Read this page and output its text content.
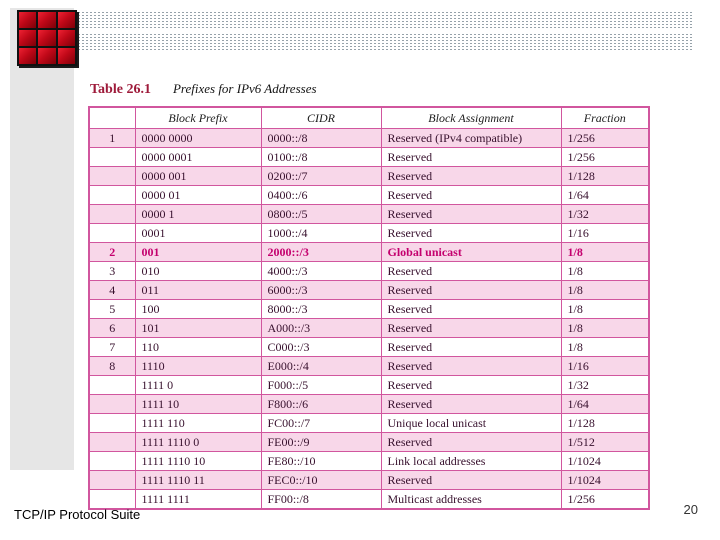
Table 26.1 Prefixes for IPv6 Addresses
	Block Prefix	CIDR	Block Assignment	Fraction
1	0000 0000	0000::/8	Reserved (IPv4 compatible)	1/256
	0000 0001	0100::/8	Reserved	1/256
	0000 001	0200::/7	Reserved	1/128
	0000 01	0400::/6	Reserved	1/64
	0000 1	0800::/5	Reserved	1/32
	0001	1000::/4	Reserved	1/16
2	001	2000::/3	Global unicast	1/8
3	010	4000::/3	Reserved	1/8
4	011	6000::/3	Reserved	1/8
5	100	8000::/3	Reserved	1/8
6	101	A000::/3	Reserved	1/8
7	110	C000::/3	Reserved	1/8
8	1110	E000::/4	Reserved	1/16
	1111 0	F000::/5	Reserved	1/32
	1111 10	F800::/6	Reserved	1/64
	1111 110	FC00::/7	Unique local unicast	1/128
	1111 1110 0	FE00::/9	Reserved	1/512
	1111 1110 10	FE80::/10	Link local addresses	1/1024
	1111 1110 11	FEC0::/10	Reserved	1/1024
	1111 1111	FF00::/8	Multicast addresses	1/256
TCP/IP Protocol Suite	20
